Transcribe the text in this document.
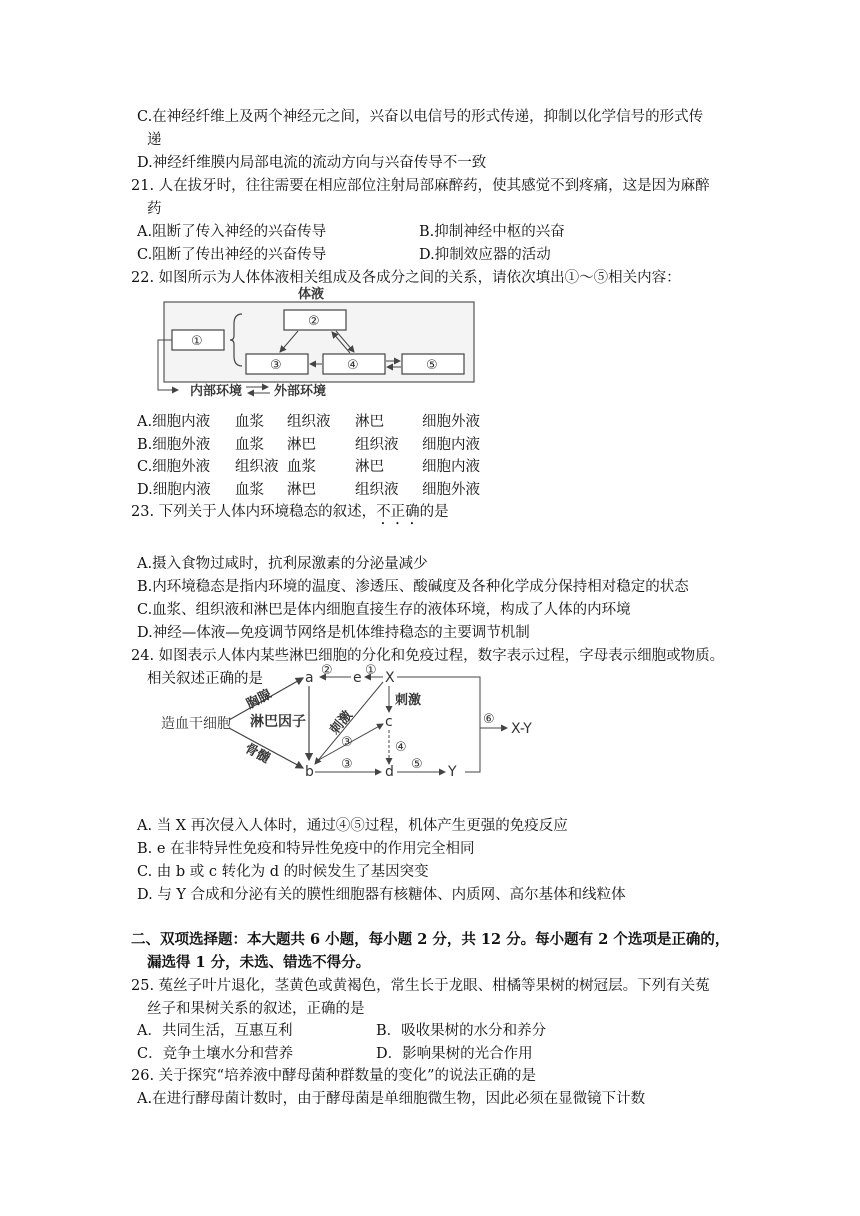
C.在神经纤维上及两个神经元之间，兴奋以电信号的形式传递，抑制以化学信号的形式传
递
D.神经纤维膜内局部电流的流动方向与兴奋传导不一致
21. 人在拔牙时，往往需要在相应部位注射局部麻醉药，使其感觉不到疼痛，这是因为麻醉
药
A.阻断了传入神经的兴奋传导	B.抑制神经中枢的兴奋
C.阻断了传出神经的兴奋传导	D.抑制效应器的活动
22. 如图所示为人体体液相关组成及各成分之间的关系，请依次填出①～⑤相关内容：
体液
①
②
③	④	⑤
内部环境 外部环境
A.细胞内液	血浆	组织液	淋巴	细胞外液
B.细胞外液	血浆	淋巴	组织液	细胞内液
C.细胞外液	组织液 血浆	淋巴	细胞内液
D.细胞内液	血浆	淋巴	组织液	细胞外液
23. 下列关于人体内环境稳态的叙述，不正确的是
A.摄入食物过咸时，抗利尿激素的分泌量减少
B.内环境稳态是指内环境的温度、渗透压、酸碱度及各种化学成分保持相对稳定的状态
C.血浆、组织液和淋巴是体内细胞直接生存的液体环境，构成了人体的内环境
D.神经—体液—免疫调节网络是机体维持稳态的主要调节机制
24. 如图表示人体内某些淋巴细胞的分化和免疫过程，数字表示过程，字母表示细胞或物质。
相关叙述正确的是
造血干细胞
胸腺
骨髓
a
b
淋巴因子
② e ① X
刺激
刺激
c
③	④
③ d ⑤ Y
⑥
X-Y
A. 当 X 再次侵入人体时，通过④⑤过程，机体产生更强的免疫反应
B. e 在非特异性免疫和特异性免疫中的作用完全相同
C. 由 b 或 c 转化为 d 的时候发生了基因突变
D. 与 Y 合成和分泌有关的膜性细胞器有核糖体、内质网、高尔基体和线粒体
二、双项选择题：本大题共 6 小题，每小题 2 分，共 12 分。每小题有 2 个选项是正确的，
漏选得 1 分，未选、错选不得分。
25. 菟丝子叶片退化，茎黄色或黄褐色，常生长于龙眼、柑橘等果树的树冠层。下列有关菟
丝子和果树关系的叙述，正确的是
A．共同生活，互惠互利	B．吸收果树的水分和养分
C．竞争土壤水分和营养	D．影响果树的光合作用
26. 关于探究“培养液中酵母菌种群数量的变化”的说法正确的是
A.在进行酵母菌计数时，由于酵母菌是单细胞微生物，因此必须在显微镜下计数
